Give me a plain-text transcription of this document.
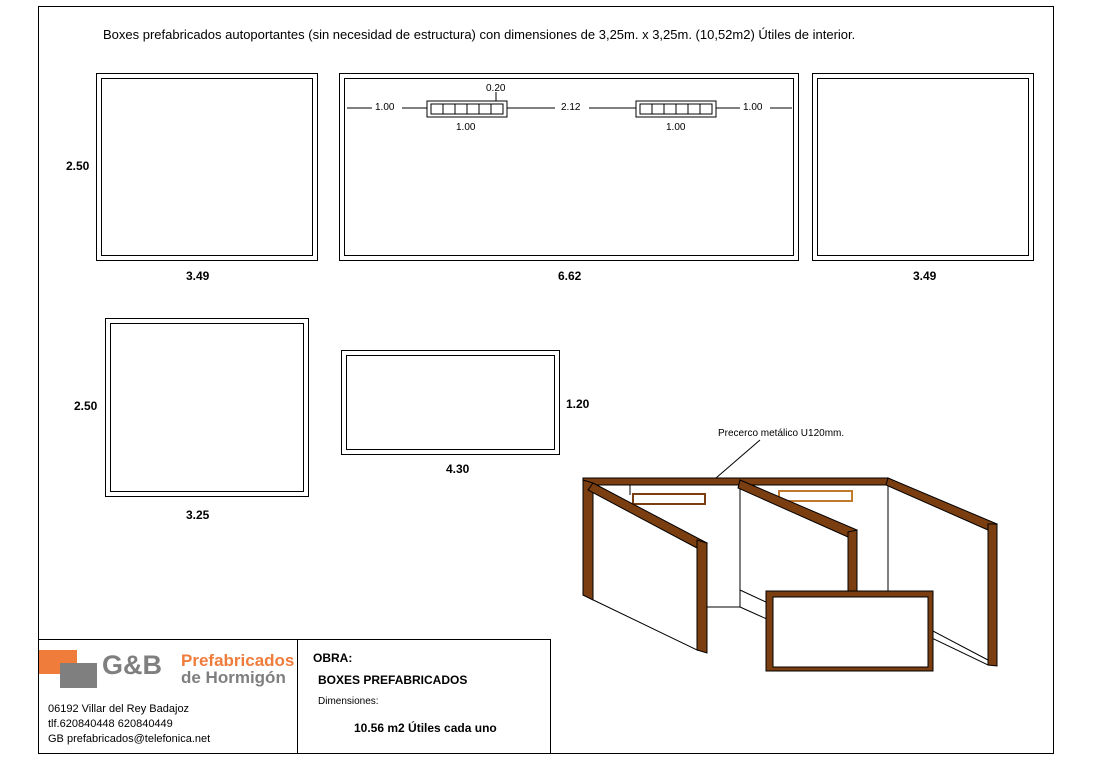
Boxes prefabricados autoportantes (sin necesidad de estructura) con dimensiones de 3,25m. x 3,25m. (10,52m2) Útiles de interior.
2.50
3.49	6.62	3.49
0.20
1.00	2.12	1.00
1.00	1.00
2.50
3.25
1.20
4.30
Precerco metálico U120mm.
G&B Prefabricados
de Hormigón
06192 Villar del Rey Badajoz
tlf.620840448 620840449
GB prefabricados@telefonica.net
OBRA:
BOXES PREFABRICADOS
Dimensiones:
10.56 m2 Útiles cada uno
